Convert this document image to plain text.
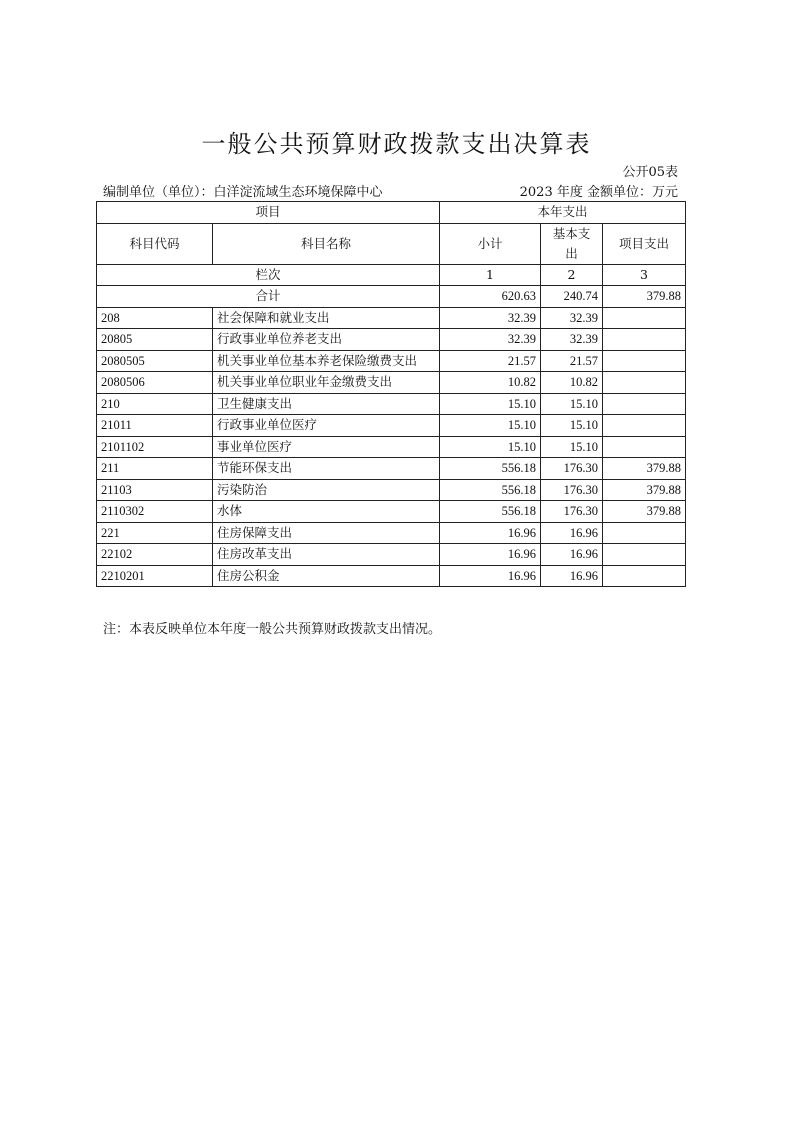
一般公共预算财政拨款支出决算表
公开05表
编制单位（单位）：白洋淀流域生态环境保障中心	2023 年度 金额单位：万元
项目		本年支出		
科目代码	科目名称	小计	基本支出	项目支出
栏次		1	2	3
合计		620.63	240.74	379.88
208	社会保障和就业支出	32.39	32.39	
20805	行政事业单位养老支出	32.39	32.39	
2080505	机关事业单位基本养老保险缴费支出	21.57	21.57	
2080506	机关事业单位职业年金缴费支出	10.82	10.82	
210	卫生健康支出	15.10	15.10	
21011	行政事业单位医疗	15.10	15.10	
2101102	事业单位医疗	15.10	15.10	
211	节能环保支出	556.18	176.30	379.88
21103	污染防治	556.18	176.30	379.88
2110302	水体	556.18	176.30	379.88
221	住房保障支出	16.96	16.96	
22102	住房改革支出	16.96	16.96	
2210201	住房公积金	16.96	16.96	
注：本表反映单位本年度一般公共预算财政拨款支出情况。
